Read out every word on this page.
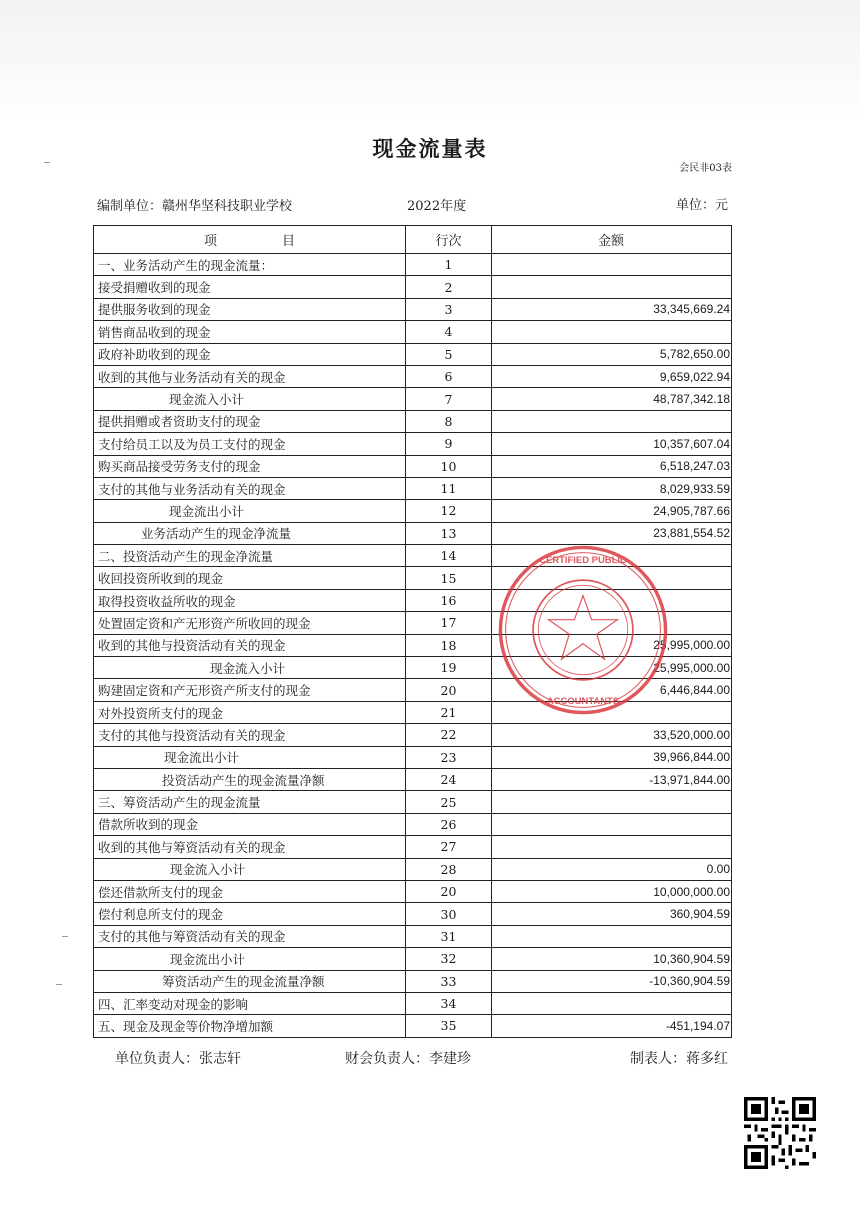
现金流量表
会民非03表
编制单位：赣州华坚科技职业学校	2022年度	单位：元
项　　　　　目	行次	金额
一、业务活动产生的现金流量：	1	
接受捐赠收到的现金	2	
提供服务收到的现金	3	33,345,669.24
销售商品收到的现金	4	
政府补助收到的现金	5	5,782,650.00
收到的其他与业务活动有关的现金	6	9,659,022.94
现金流入小计	7	48,787,342.18
提供捐赠或者资助支付的现金	8	
支付给员工以及为员工支付的现金	9	10,357,607.04
购买商品接受劳务支付的现金	10	6,518,247.03
支付的其他与业务活动有关的现金	11	8,029,933.59
现金流出小计	12	24,905,787.66
业务活动产生的现金净流量	13	23,881,554.52
二、投资活动产生的现金净流量	14	
收回投资所收到的现金	15	
取得投资收益所收的现金	16	
处置固定资和产无形资产所收回的现金	17	
收到的其他与投资活动有关的现金	18	25,995,000.00
现金流入小计	19	25,995,000.00
购建固定资和产无形资产所支付的现金	20	6,446,844.00
对外投资所支付的现金	21	
支付的其他与投资活动有关的现金	22	33,520,000.00
现金流出小计	23	39,966,844.00
投资活动产生的现金流量净额	24	-13,971,844.00
三、筹资活动产生的现金流量	25	
借款所收到的现金	26	
收到的其他与筹资活动有关的现金	27	
现金流入小计	28	0.00
偿还借款所支付的现金	20	10,000,000.00
偿付利息所支付的现金	30	360,904.59
支付的其他与筹资活动有关的现金	31	
现金流出小计	32	10,360,904.59
筹资活动产生的现金流量净额	33	-10,360,904.59
四、汇率变动对现金的影响	34	
五、现金及现金等价物净增加额	35	-451,194.07
CERTIFIED PUBLIC
ACCOUNTANTS
单位负责人：张志轩	财会负责人：李建珍	制表人：蒋多红
